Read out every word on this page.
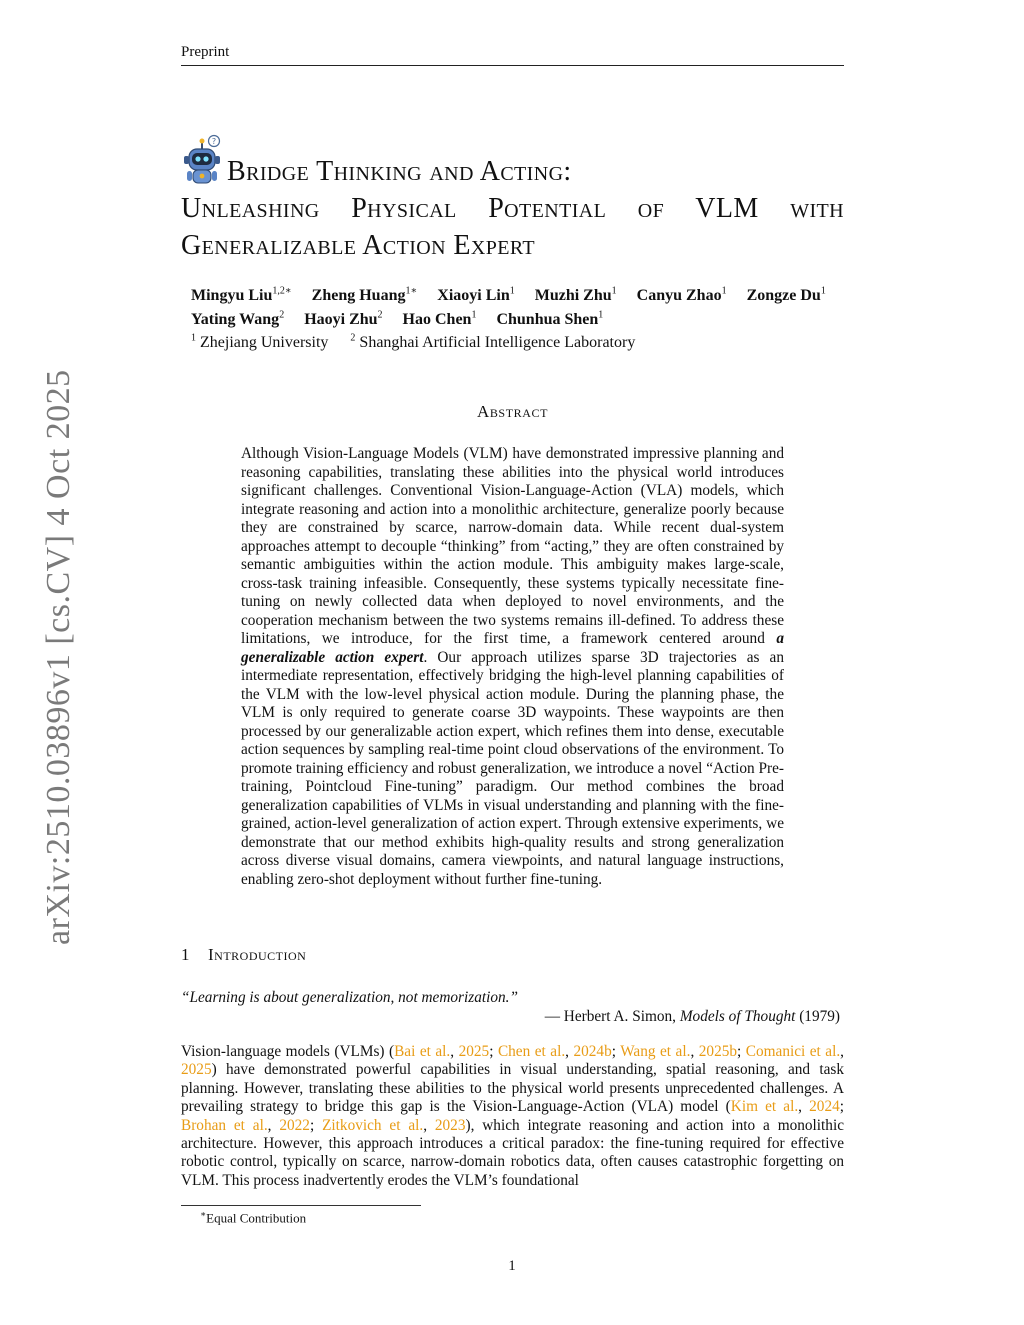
Preprint
arXiv:2510.03896v1 [cs.CV] 4 Oct 2025
?
Bridge Thinking and Acting:
Unleashing Physical Potential of VLM with
Generalizable Action Expert
Mingyu Liu$^{1,2∗}$ Zheng Huang$^{1∗}$ Xiaoyi Lin$^1$ Muzhi Zhu$^1$ Canyu Zhao$^1$ Zongze Du$^1$
Yating Wang$^2$ Haoyi Zhu$^2$ Hao Chen$^1$ Chunhua Shen$^1$
$^1$ Zhejiang University $^2$ Shanghai Artificial Intelligence Laboratory
Abstract

Although Vision-Language Models (VLM) have demonstrated impressive planning and reasoning capabilities, translating these abilities into the physical world introduces significant challenges. Conventional Vision-Language-Action (VLA) models, which integrate reasoning and action into a monolithic architecture, generalize poorly because they are constrained by scarce, narrow-domain data. While recent dual-system approaches attempt to decouple “thinking” from “acting,” they are often constrained by semantic ambiguities within the action module. This ambiguity makes large-scale, cross-task training infeasible. Consequently, these systems typically necessitate fine-tuning on newly collected data when deployed to novel environments, and the cooperation mechanism between the two systems remains ill-defined. To address these limitations, we introduce, for the first time, a framework centered around a generalizable action expert. Our approach utilizes sparse 3D trajectories as an intermediate representation, effectively bridging the high-level planning capabilities of the VLM with the low-level physical action module. During the planning phase, the VLM is only required to generate coarse 3D waypoints. These waypoints are then processed by our generalizable action expert, which refines them into dense, executable action sequences by sampling real-time point cloud observations of the environment. To promote training efficiency and robust generalization, we introduce a novel “Action Pre-training, Pointcloud Fine-tuning” paradigm. Our method combines the broad generalization capabilities of VLMs in visual understanding and planning with the fine-grained, action-level generalization of action expert. Through extensive experiments, we demonstrate that our method exhibits high-quality results and strong generalization across diverse visual domains, camera viewpoints, and natural language instructions, enabling zero-shot deployment without further fine-tuning.

1 Introduction
“Learning is about generalization, not memorization.”
— Herbert A. Simon, Models of Thought (1979)

Vision-language models (VLMs) (Bai et al., 2025; Chen et al., 2024b; Wang et al., 2025b; Comanici et al., 2025) have demonstrated powerful capabilities in visual understanding, spatial reasoning, and task planning. However, translating these abilities to the physical world presents unprecedented challenges. A prevailing strategy to bridge this gap is the Vision-Language-Action (VLA) model (Kim et al., 2024; Brohan et al., 2022; Zitkovich et al., 2023), which integrate reasoning and action into a monolithic architecture. However, this approach introduces a critical paradox: the fine-tuning required for effective robotic control, typically on scarce, narrow-domain robotics data, often causes catastrophic forgetting on VLM. This process inadvertently erodes the VLM’s foundational

∗Equal Contribution
1
